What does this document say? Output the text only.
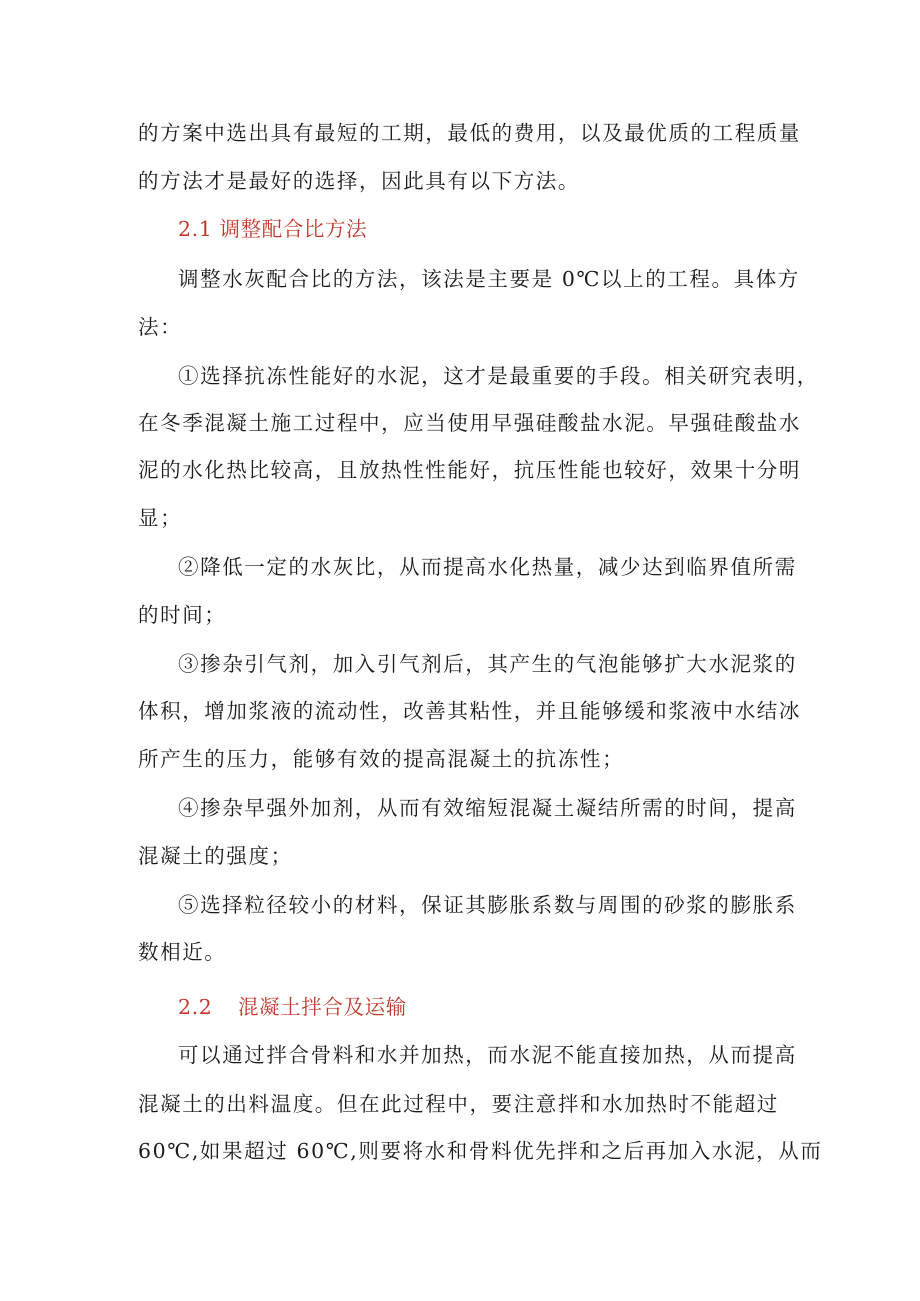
的方案中选出具有最短的工期，最低的费用，以及最优质的工程质量
的方法才是最好的选择，因此具有以下方法。
2.1 调整配合比方法
调整水灰配合比的方法，该法是主要是 0℃以上的工程。具体方
法：
①选择抗冻性能好的水泥，这才是最重要的手段。相关研究表明，
在冬季混凝土施工过程中，应当使用早强硅酸盐水泥。早强硅酸盐水
泥的水化热比较高，且放热性性能好，抗压性能也较好，效果十分明
显；
②降低一定的水灰比，从而提高水化热量，减少达到临界值所需
的时间；
③掺杂引气剂，加入引气剂后，其产生的气泡能够扩大水泥浆的
体积，增加浆液的流动性，改善其粘性，并且能够缓和浆液中水结冰
所产生的压力，能够有效的提高混凝土的抗冻性；
④掺杂早强外加剂，从而有效缩短混凝土凝结所需的时间，提高
混凝土的强度；
⑤选择粒径较小的材料，保证其膨胀系数与周围的砂浆的膨胀系
数相近。
2.2 混凝土拌合及运输
可以通过拌合骨料和水并加热，而水泥不能直接加热，从而提高
混凝土的出料温度。但在此过程中，要注意拌和水加热时不能超过
60℃,如果超过 60℃,则要将水和骨料优先拌和之后再加入水泥，从而
